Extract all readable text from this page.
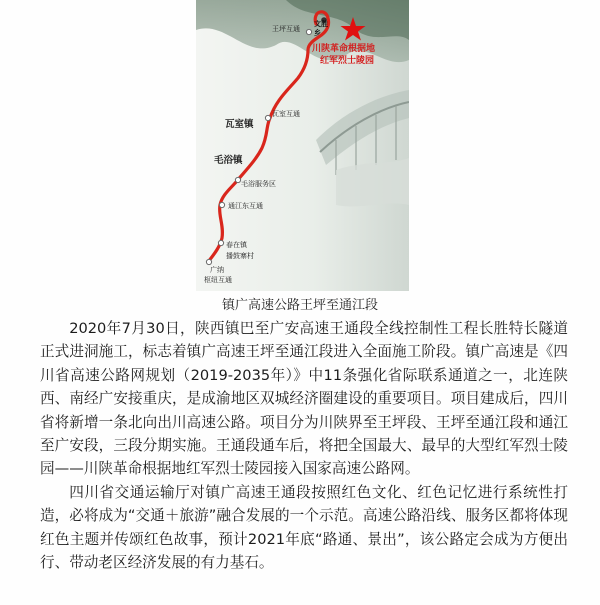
王坪互通
文胜
乡
川陕革命根据地
红军烈士陵园
瓦室镇
瓦室互通
毛浴镇
毛浴服务区
通江东互通
春在镇
播鼓寨村
广纳
枢纽互通
镇广高速公路王坪至通江段

2020年7月30日，陕西镇巴至广安高速王通段全线控制性工程长胜特长隧道正式进洞施工，标志着镇广高速王坪至通江段进入全面施工阶段。镇广高速是《四川省高速公路网规划（2019-2035年）》中11条强化省际联系通道之一，北连陕西、南经广安接重庆，是成渝地区双城经济圈建设的重要项目。项目建成后，四川省将新增一条北向出川高速公路。项目分为川陕界至王坪段、王坪至通江段和通江至广安段，三段分期实施。王通段通车后，将把全国最大、最早的大型红军烈士陵园——川陕革命根据地红军烈士陵园接入国家高速公路网。

四川省交通运输厅对镇广高速王通段按照红色文化、红色记忆进行系统性打造，必将成为“交通＋旅游”融合发展的一个示范。高速公路沿线、服务区都将体现红色主题并传颂红色故事，预计2021年底“路通、景出”，该公路定会成为方便出行、带动老区经济发展的有力基石。
